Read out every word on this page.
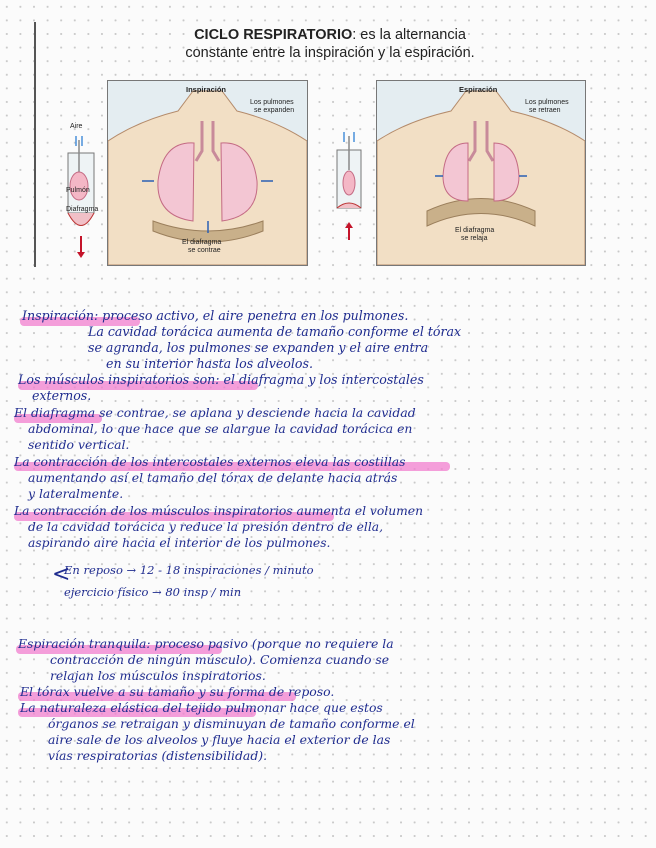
CICLO RESPIRATORIO: es la alternancia
constante entre la inspiración y la espiración.
Aire
Pulmón
Diafragma
Inspiración
Los pulmones
se expanden
El diafragma
se contrae
Espiración
Los pulmones
se retraen
El diafragma
se relaja
Inspiración: proceso activo, el aire penetra en los pulmones.
La cavidad torácica aumenta de tamaño conforme el tórax
se agranda, los pulmones se expanden y el aire entra
en su interior hasta los alveolos.
Los músculos inspiratorios son: el diafragma y los intercostales
externos.
El diafragma se contrae, se aplana y desciende hacia la cavidad
abdominal, lo que hace que se alargue la cavidad torácica en
sentido vertical.
La contracción de los intercostales externos eleva las costillas
aumentando así el tamaño del tórax de delante hacia atrás
y lateralmente.
La contracción de los músculos inspiratorios aumenta el volumen
de la cavidad torácica y reduce la presión dentro de ella,
aspirando aire hacia el interior de los pulmones.
En reposo → 12 - 18 inspiraciones / minuto
<
ejercicio físico → 80 insp / min
Espiración tranquila: proceso pasivo (porque no requiere la
contracción de ningún músculo). Comienza cuando se
relajan los músculos inspiratorios.
El tórax vuelve a su tamaño y su forma de reposo.
La naturaleza elástica del tejido pulmonar hace que estos
órganos se retraigan y disminuyan de tamaño conforme el
aire sale de los alveolos y fluye hacia el exterior de las
vías respiratorias (distensibilidad).
